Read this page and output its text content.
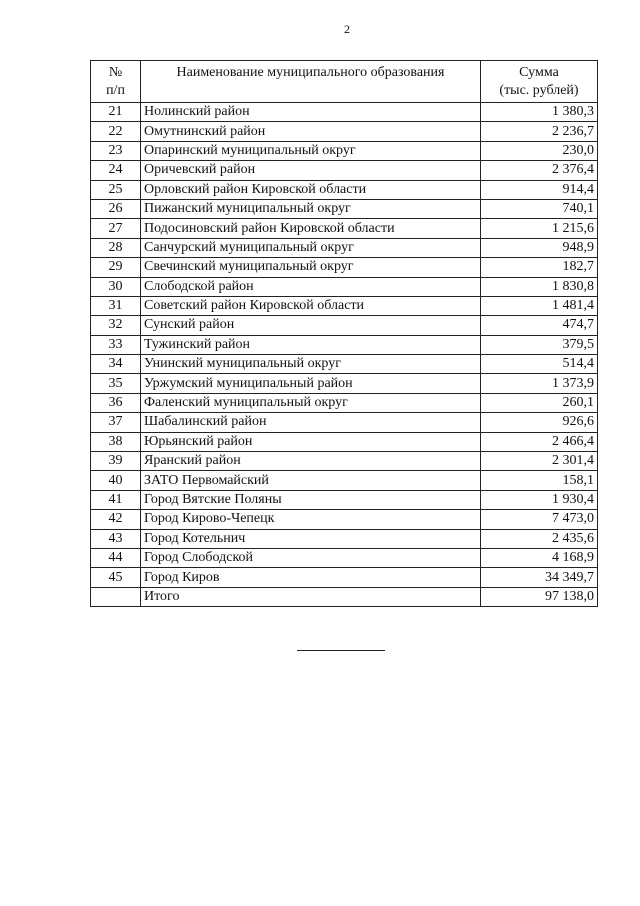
2
№
п/п	Наименование муниципального образования	Сумма
(тыс. рублей)

21	Нолинский район	1 380,3
22	Омутнинский район	2 236,7
23	Опаринский муниципальный округ	230,0
24	Оричевский район	2 376,4
25	Орловский район Кировской области	914,4
26	Пижанский муниципальный округ	740,1
27	Подосиновский район Кировской области	1 215,6
28	Санчурский муниципальный округ	948,9
29	Свечинский муниципальный округ	182,7
30	Слободской район	1 830,8
31	Советский район Кировской области	1 481,4
32	Сунский район	474,7
33	Тужинский район	379,5
34	Унинский муниципальный округ	514,4
35	Уржумский муниципальный район	1 373,9
36	Фаленский муниципальный округ	260,1
37	Шабалинский район	926,6
38	Юрьянский район	2 466,4
39	Яранский район	2 301,4
40	ЗАТО Первомайский	158,1
41	Город Вятские Поляны	1 930,4
42	Город Кирово-Чепецк	7 473,0
43	Город Котельнич	2 435,6
44	Город Слободской	4 168,9
45	Город Киров	34 349,7
	Итого	97 138,0
